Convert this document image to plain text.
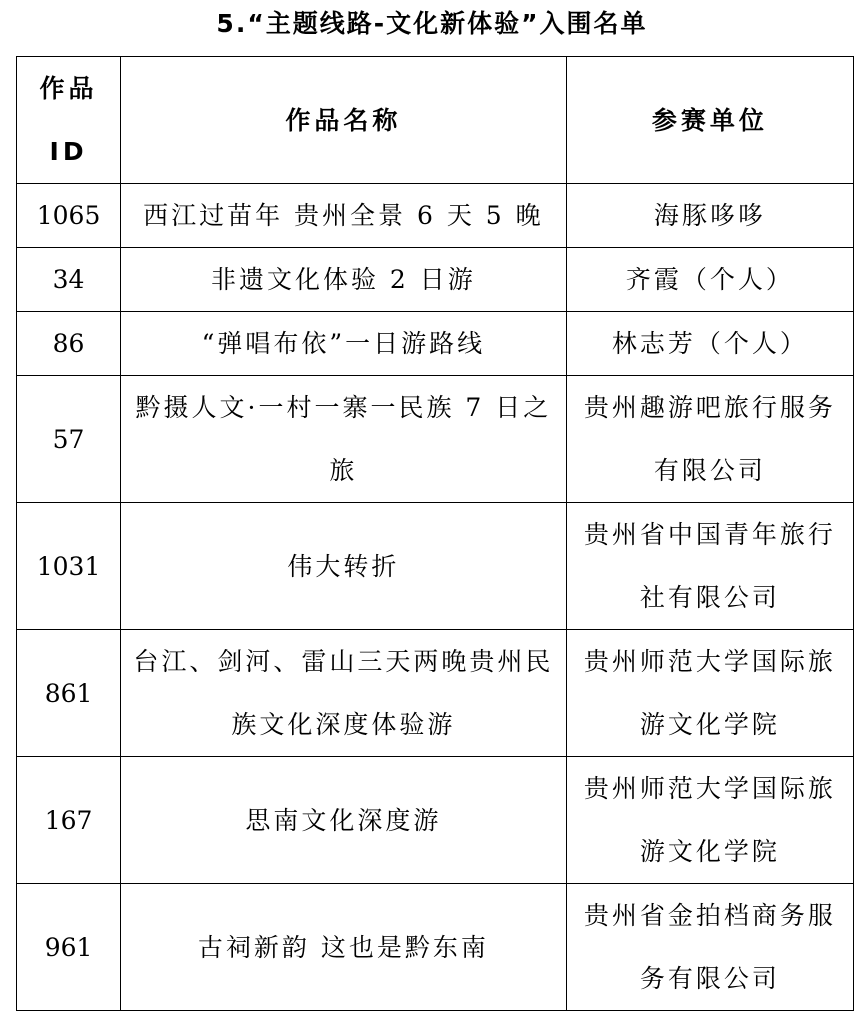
5.“主题线路-文化新体验”入围名单
作品 ID	作品名称	参赛单位
1065	西江过苗年 贵州全景 6 天 5 晚	海豚哆哆
34	非遗文化体验 2 日游	齐霞（个人）
86	“弹唱布依”一日游路线	林志芳（个人）
57	黔摄人文·一村一寨一民族 7 日之旅	贵州趣游吧旅行服务有限公司
1031	伟大转折	贵州省中国青年旅行社有限公司
861	台江、剑河、雷山三天两晚贵州民族文化深度体验游	贵州师范大学国际旅游文化学院
167	思南文化深度游	贵州师范大学国际旅游文化学院
961	古祠新韵 这也是黔东南	贵州省金拍档商务服务有限公司
